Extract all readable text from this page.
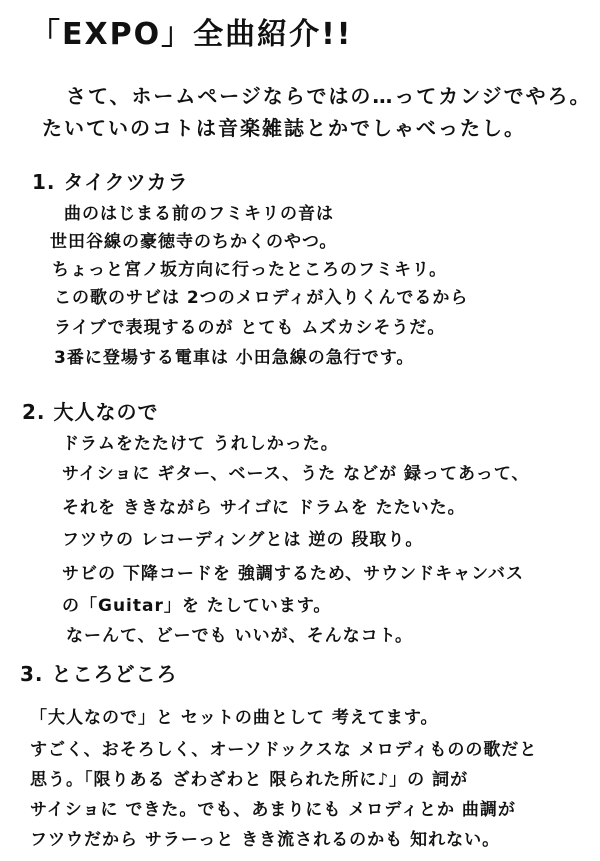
「EXPO」全曲紹介!!
さて、ホームページならではの…ってカンジでやろ。
たいていのコトは音楽雑誌とかでしゃべったし。
1. タイクツカラ
曲のはじまる前のフミキリの音は
世田谷線の豪徳寺のちかくのやつ。
ちょっと宮ノ坂方向に行ったところのフミキリ。
この歌のサビは 2つのメロディが入りくんでるから
ライブで表現するのが とても ムズカシそうだ。
3番に登場する電車は 小田急線の急行です。
2. 大人なので
ドラムをたたけて うれしかった。
サイショに ギター、ベース、うた などが 録ってあって、
それを ききながら サイゴに ドラムを たたいた。
フツウの レコーディングとは 逆の 段取り。
サビの 下降コードを 強調するため、サウンドキャンバス
の「Guitar」を たしています。
なーんて、どーでも いいが、そんなコト。
3. ところどころ
「大人なので」と セットの曲として 考えてます。
すごく、おそろしく、オーソドックスな メロディものの歌だと
思う。「限りある ざわざわと 限られた所に♪」の 詞が
サイショに できた。でも、あまりにも メロディとか 曲調が
フツウだから サラーっと きき流されるのかも 知れない。
